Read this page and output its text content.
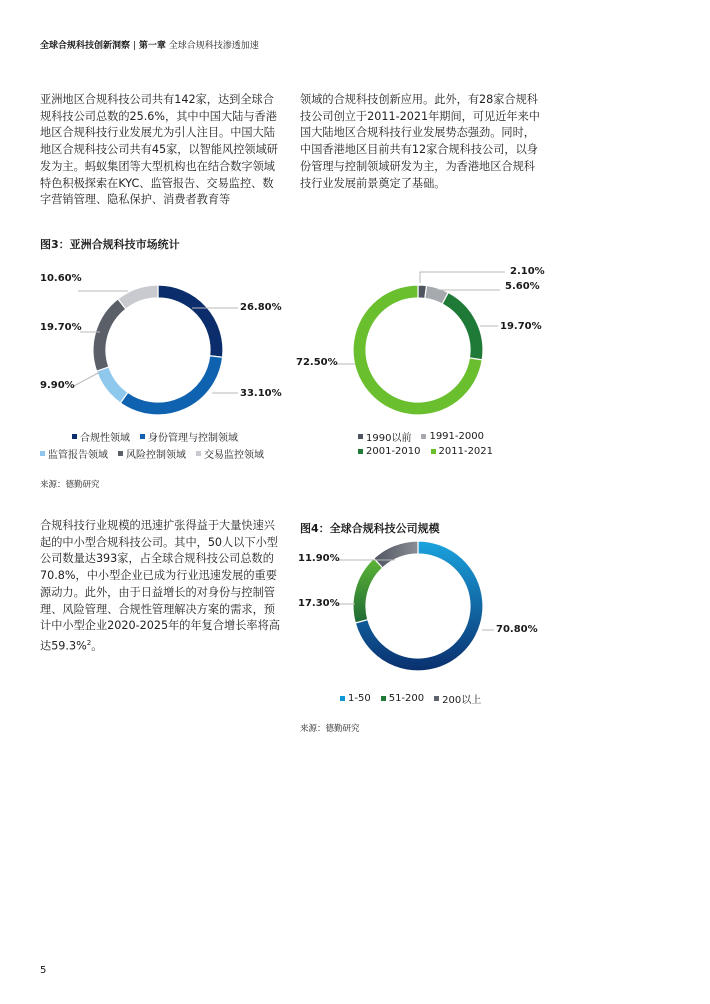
全球合规科技创新洞察 | 第一章 全球合规科技渗透加速
亚洲地区合规科技公司共有142家，达到全球合规科技公司总数的25.6%，其中中国大陆与香港地区合规科技行业发展尤为引人注目。中国大陆地区合规科技公司共有45家，以智能风控领域研发为主。蚂蚁集团等大型机构也在结合数字领域特色积极探索在KYC、监管报告、交易监控、数字营销管理、隐私保护、消费者教育等
领域的合规科技创新应用。此外，有28家合规科技公司创立于2011-2021年期间，可见近年来中国大陆地区合规科技行业发展势态强劲。同时，中国香港地区目前共有12家合规科技公司，以身份管理与控制领域研发为主，为香港地区合规科技行业发展前景奠定了基础。
图3：亚洲合规科技市场统计
10.60%
26.80%
19.70%
9.90%
33.10%
合规性领域 身份管理与控制领域
监管报告领域 风险控制领域 交易监控领域
2.10%
5.60%
19.70%
72.50%
1990以前 1991-2000
2001-2010 2011-2021
来源：德勤研究
合规科技行业规模的迅速扩张得益于大量快速兴起的中小型合规科技公司。其中，50人以下小型公司数量达393家，占全球合规科技公司总数的70.8%，中小型企业已成为行业迅速发展的重要源动力。此外，由于日益增长的对身份与控制管理、风险管理、合规性管理解决方案的需求，预计中小型企业2020-2025年的年复合增长率将高达59.3%$^2$。
图4：全球合规科技公司规模
11.90%
17.30%
70.80%
1-50 51-200 200以上
来源：德勤研究
5
